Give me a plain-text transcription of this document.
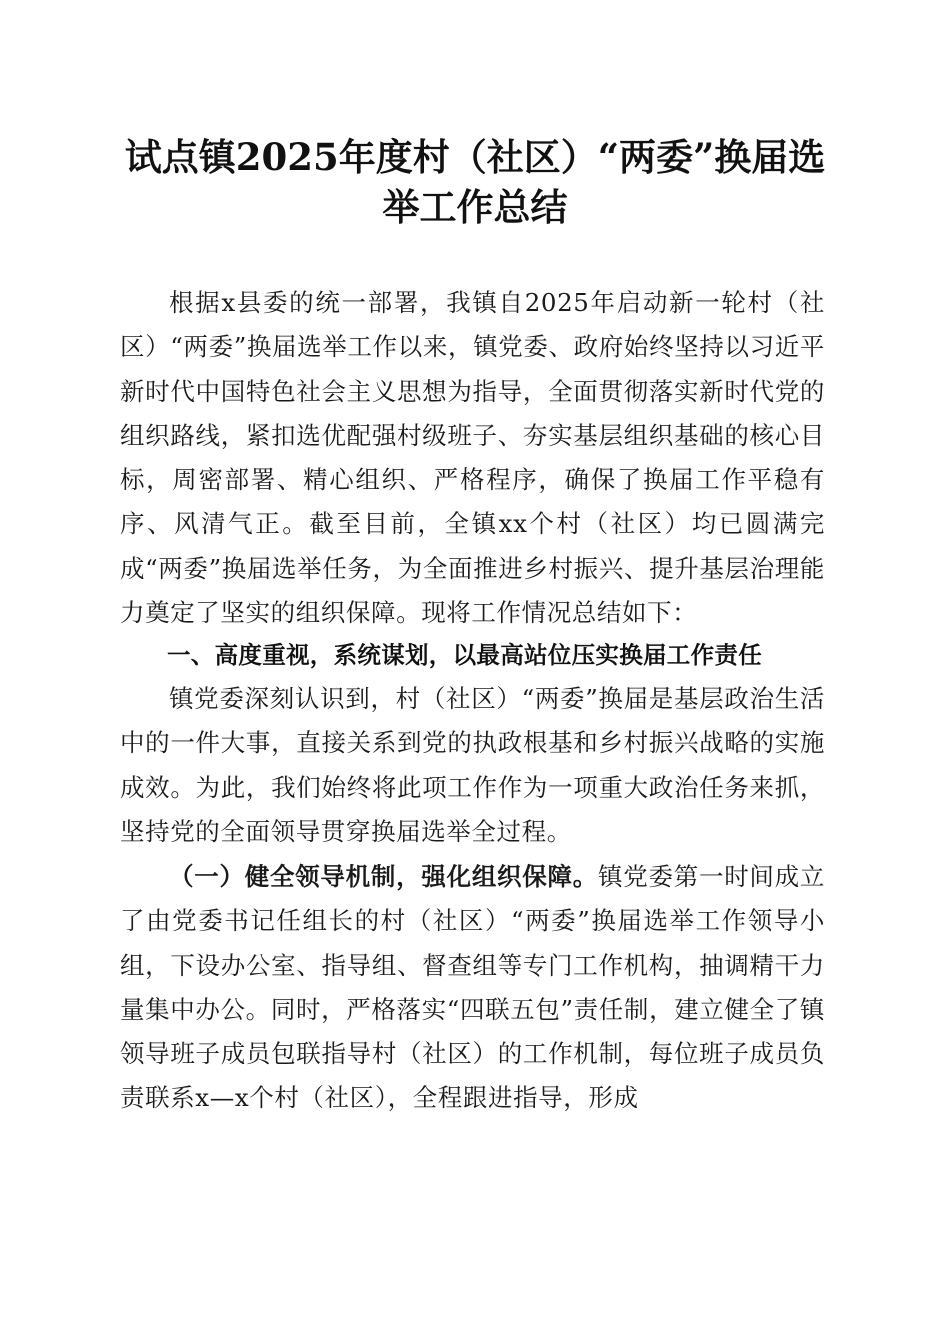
试点镇2025年度村（社区）“两委”换届选举工作总结

根据x县委的统一部署，我镇自2025年启动新一轮村（社区）“两委”换届选举工作以来，镇党委、政府始终坚持以习近平新时代中国特色社会主义思想为指导，全面贯彻落实新时代党的组织路线，紧扣选优配强村级班子、夯实基层组织基础的核心目标，周密部署、精心组织、严格程序，确保了换届工作平稳有序、风清气正。截至目前，全镇xx个村（社区）均已圆满完成“两委”换届选举任务，为全面推进乡村振兴、提升基层治理能力奠定了坚实的组织保障。现将工作情况总结如下：

一、高度重视，系统谋划，以最高站位压实换届工作责任

镇党委深刻认识到，村（社区）“两委”换届是基层政治生活中的一件大事，直接关系到党的执政根基和乡村振兴战略的实施成效。为此，我们始终将此项工作作为一项重大政治任务来抓，坚持党的全面领导贯穿换届选举全过程。

（一）健全领导机制，强化组织保障。镇党委第一时间成立了由党委书记任组长的村（社区）“两委”换届选举工作领导小组，下设办公室、指导组、督查组等专门工作机构，抽调精干力量集中办公。同时，严格落实“四联五包”责任制，建立健全了镇领导班子成员包联指导村（社区）的工作机制，每位班子成员负责联系x—x个村（社区），全程跟进指导，形成
